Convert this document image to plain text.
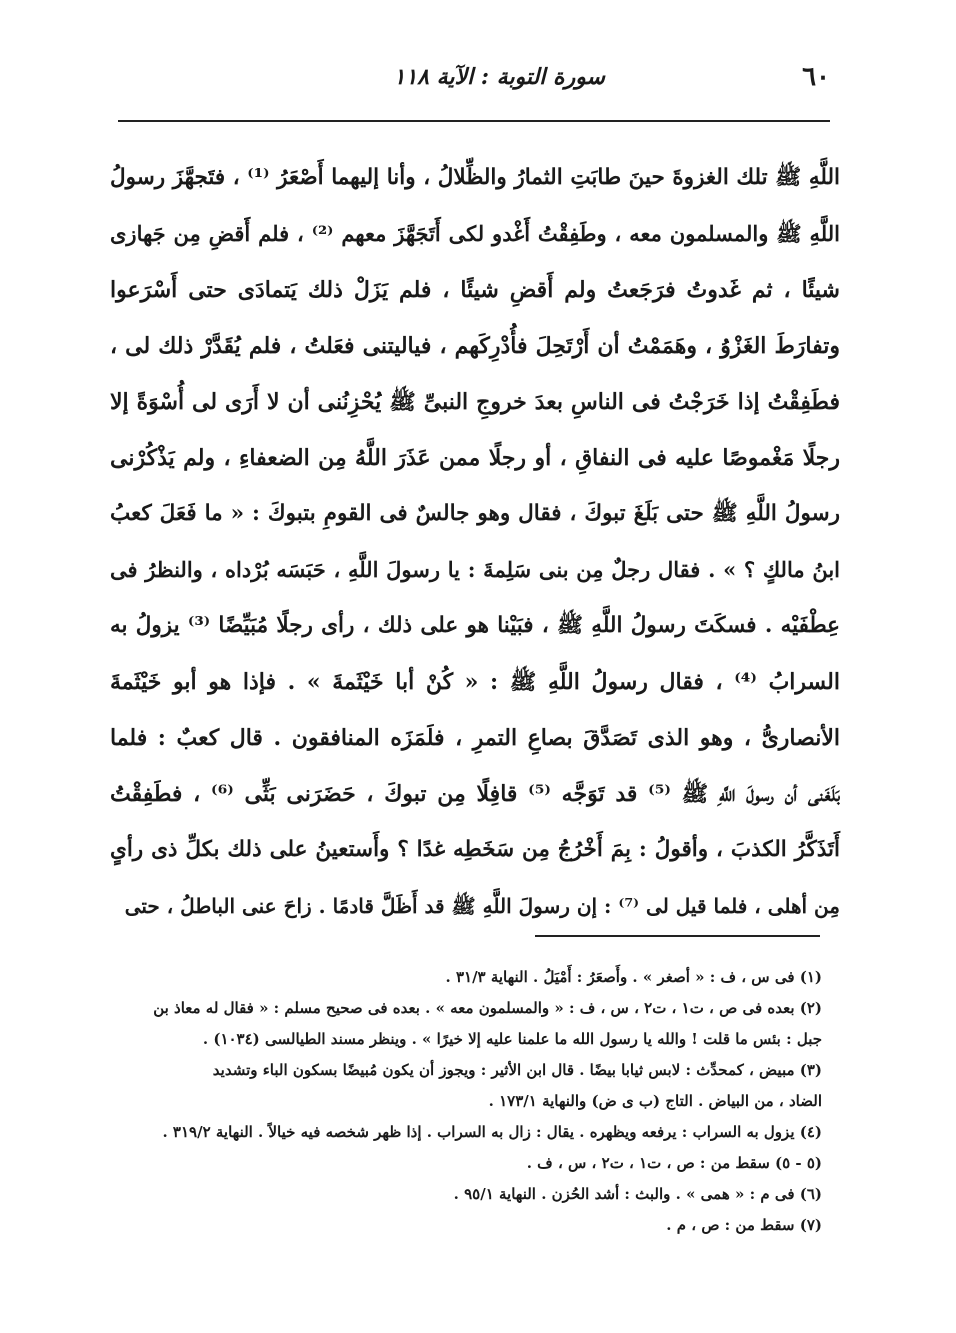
٦٠
سورة التوبة : الآية ١١٨
اللَّهِ ﷺ تلك الغزوةَ حينَ طابَتِ الثمارُ والظِّلالُ ، وأنا إليهما أَصْعَرُ ⁽¹⁾ ، فتَجهَّزَ رسولُ
اللَّهِ ﷺ والمسلمون معه ، وطَفِقْتُ أَغْدو لكى أَتَجَهَّزَ معهم ⁽²⁾ ، فلم أَقضِ مِن جَهازى
شيئًا ، ثم غَدوتُ فرَجَعتُ ولم أَقضِ شيئًا ، فلم يَزَلْ ذلك يَتمادَى حتى أَسْرَعوا
وتفارَطَ الغَزْوُ ، وهَمَمْتُ أن أَرْتَحِلَ فأُدْرِكَهم ، فياليتنى فعَلتُ ، فلم يُقَدَّرْ ذلك لى ،
فطَفِقْتُ إذا خَرَجْتُ فى الناسِ بعدَ خروجِ النبىِّ ﷺ يُحْزِنُنى أن لا أَرَى لى أُسْوَةً إلا
رجلًا مَغْموصًا عليه فى النفاقِ ، أو رجلًا ممن عَذَرَ اللَّهُ مِن الضعفاءِ ، ولم يَذْكُرْنى
رسولُ اللَّهِ ﷺ حتى بَلَغَ تبوكَ ، فقال وهو جالسٌ فى القومِ بتبوكَ : « ما فَعَلَ كعبُ
ابنُ مالكٍ ؟ » . فقال رجلٌ مِن بنى سَلِمةَ : يا رسولَ اللَّهِ ، حَبَسَه بُرْداه ، والنظرُ فى
عِطْفَيْه . فسكَتَ رسولُ اللَّهِ ﷺ ، فبَيْنا هو على ذلك ، رأى رجلًا مُبَيِّضًا ⁽³⁾ يزولُ به
السرابُ ⁽⁴⁾ ، فقال رسولُ اللَّهِ ﷺ : « كُنْ أبا خَيْثَمةَ » . فإذا هو أبو خَيْثَمةَ
الأنصارىُّ ، وهو الذى تَصَدَّقَ بصاعِ التمرِ ، فلَمَزَه المنافقون . قال كعبٌ : فلما
بَلَغَنى أن رسولَ اللَّهِ ﷺ ⁽⁵⁾ قد تَوَجَّه ⁽⁵⁾ قافِلًا مِن تبوكَ ، حَضَرَنى بَثِّى ⁽⁶⁾ ، فطَفِقْتُ
أَتَذَكَّرُ الكذبَ ، وأقولُ : بِمَ أَخْرُجُ مِن سَخَطِه غدًا ؟ وأَستعينُ على ذلك بكلِّ ذى رأىٍ
مِن أهلى ، فلما قيل لى ⁽⁷⁾ : إن رسولَ اللَّهِ ﷺ قد أَظَلَّ قادمًا . زاحَ عنى الباطلُ ، حتى
(١) فى س ، ف : « أصغر » . وأَصعَرُ : أَمْيَلُ . النهاية ٣١/٣ .
(٢) بعده فى ص ، ت١ ، ت٢ ، س ، ف : « والمسلمون معه » . بعده فى صحيح مسلم : « فقال له معاذ بن
جبل : بئس ما قلت ! والله يا رسول الله ما علمنا عليه إلا خيرًا » . وينظر مسند الطيالسى (١٠٣٤) .
(٣) مبيض ، كمحدِّث : لابس ثيابا بيضًا . قال ابن الأثير : ويجوز أن يكون مُبيضًا بسكون الباء وتشديد
الضاد ، من البياض . التاج (ب ى ض) والنهاية ١٧٣/١ .
(٤) يزول به السراب : يرفعه ويظهره . يقال : زال به السراب . إذا ظهر شخصه فيه خيالاً . النهاية ٣١٩/٢ .
(٥ - ٥) سقط من : ص ، ت١ ، ت٢ ، س ، ف .
(٦) فى م : « همى » . والبث : أشد الحُزن . النهاية ٩٥/١ .
(٧) سقط من : ص ، م .
